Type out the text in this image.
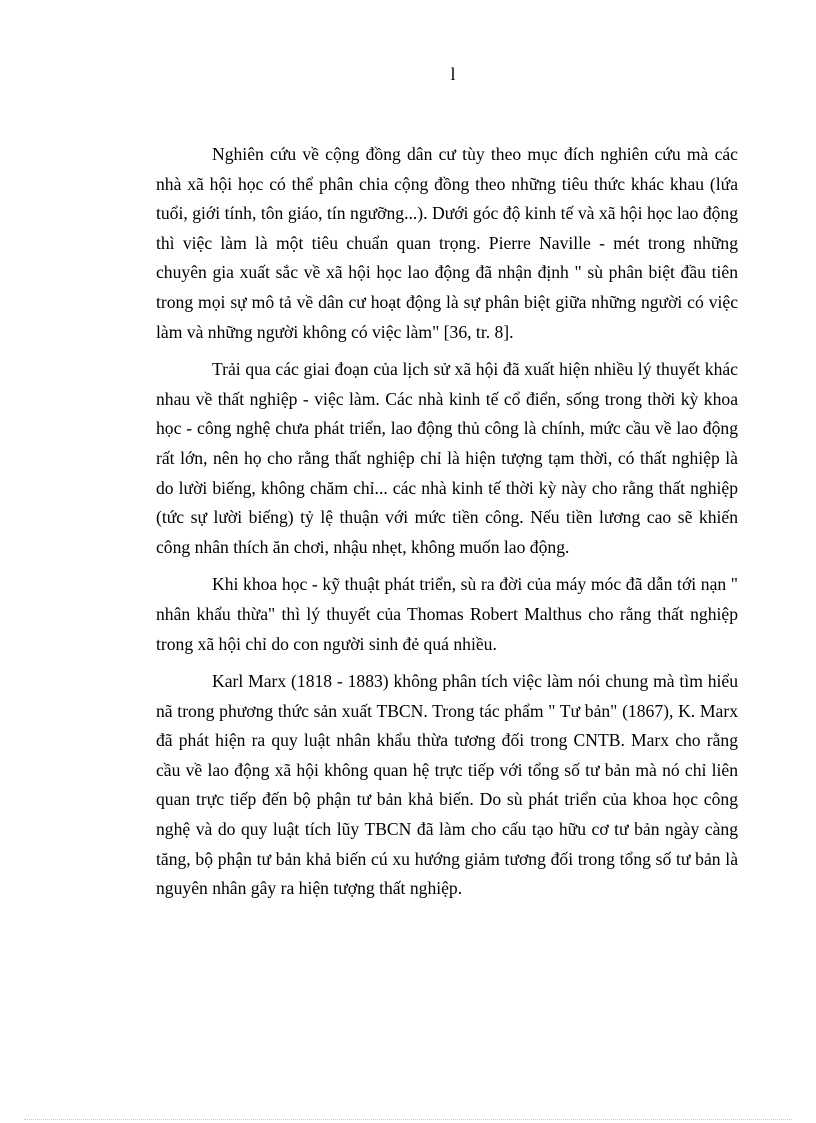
l

Nghiên cứu về cộng đồng dân cư tùy theo mục đích nghiên cứu mà các nhà xã hội học có thể phân chia cộng đồng theo những tiêu thức khác khau (lứa tuổi, giới tính, tôn giáo, tín ngưỡng...). Dưới góc độ kinh tế và xã hội học lao động thì việc làm là một tiêu chuẩn quan trọng. Pierre Naville - mét trong những chuyên gia xuất sắc về xã hội học lao động đã nhận định " sù phân biệt đầu tiên trong mọi sự mô tả về dân cư hoạt động là sự phân biệt giữa những người có việc làm và những người không có việc làm" [36, tr. 8].

Trải qua các giai đoạn của lịch sử xã hội đã xuất hiện nhiều lý thuyết khác nhau về thất nghiệp - việc làm. Các nhà kinh tế cổ điển, sống trong thời kỳ khoa học - công nghệ chưa phát triển, lao động thủ công là chính, mức cầu về lao động rất lớn, nên họ cho rằng thất nghiệp chỉ là hiện tượng tạm thời, có thất nghiệp là do lười biếng, không chăm chỉ... các nhà kinh tế thời kỳ này cho rằng thất nghiệp (tức sự lười biếng) tỷ lệ thuận với mức tiền công. Nếu tiền lương cao sẽ khiến công nhân thích ăn chơi, nhậu nhẹt, không muốn lao động.

Khi khoa học - kỹ thuật phát triển, sù ra đời của máy móc đã dẫn tới nạn " nhân khẩu thừa" thì lý thuyết của Thomas Robert Malthus cho rằng thất nghiệp trong xã hội chỉ do con người sinh đẻ quá nhiều.

Karl Marx (1818 - 1883) không phân tích việc làm nói chung mà tìm hiểu nã trong phương thức sản xuất TBCN. Trong tác phẩm " Tư bản" (1867), K. Marx đã phát hiện ra quy luật nhân khẩu thừa tương đối trong CNTB. Marx cho rằng cầu về lao động xã hội không quan hệ trực tiếp với tổng số tư bản mà nó chỉ liên quan trực tiếp đến bộ phận tư bản khả biến. Do sù phát triển của khoa học công nghệ và do quy luật tích lũy TBCN đã làm cho cấu tạo hữu cơ tư bản ngày càng tăng, bộ phận tư bản khả biến cú xu hướng giảm tương đối trong tổng số tư bản là nguyên nhân gây ra hiện tượng thất nghiệp.
